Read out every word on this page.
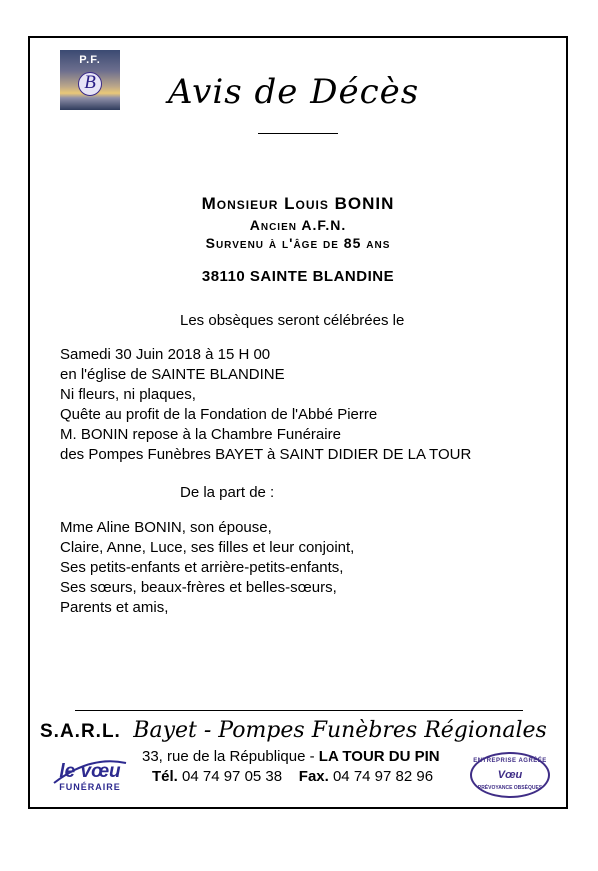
P.F.
B	Avis de Décès
Monsieur Louis BONIN
Ancien A.F.N.
Survenu à l'âge de 85 ans
38110 SAINTE BLANDINE
Les obsèques seront célébrées le
Samedi 30 Juin 2018 à 15 H 00
en l'église de SAINTE BLANDINE
Ni fleurs, ni plaques,
Quête au profit de la Fondation de l'Abbé Pierre
M. BONIN repose à la Chambre Funéraire
des Pompes Funèbres BAYET à SAINT DIDIER DE LA TOUR
De la part de :
Mme Aline BONIN, son épouse,
Claire, Anne, Luce, ses filles et leur conjoint,
Ses petits-enfants et arrière-petits-enfants,
Ses sœurs, beaux-frères et belles-sœurs,
Parents et amis,
S.A.R.L. Bayet - Pompes Funèbres Régionales
le vœu
FUNÉRAIRE
33, rue de la République - LA TOUR DU PIN
Tél. 04 74 97 05 38 Fax. 04 74 97 82 96
ENTREPRISE AGRÉÉE
Vœu
PRÉVOYANCE OBSÈQUES
